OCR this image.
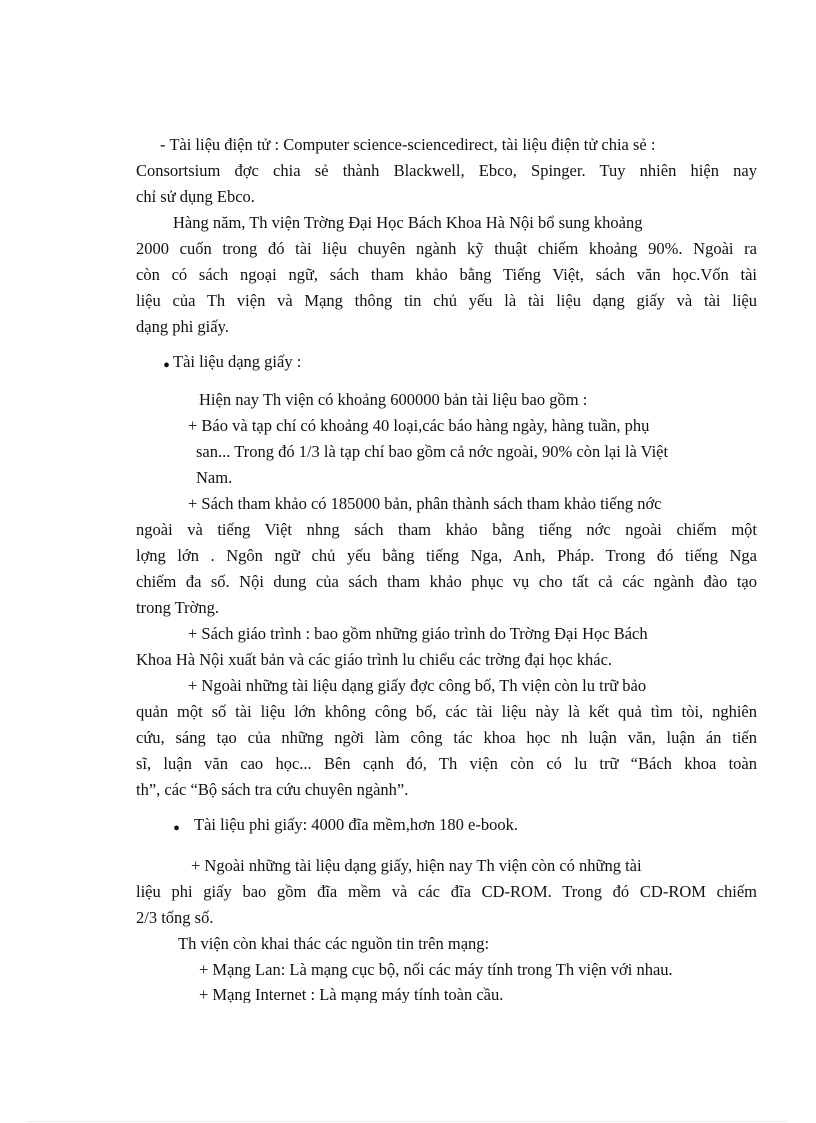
- Tài liệu điện tử : Computer science-sciencedirect, tài liệu điện tử chia sẻ :
Consortsium đợc chia sẻ thành Blackwell, Ebco, Spinger. Tuy nhiên hiện nay
chỉ sử dụng Ebco.
Hàng năm, Th viện Trờng Đại Học Bách Khoa Hà Nội bổ sung khoảng
2000 cuốn trong đó tài liệu chuyên ngành kỹ thuật chiếm khoảng 90%. Ngoài ra
còn có sách ngoại ngữ, sách tham khảo bằng Tiếng Việt, sách văn học.Vốn tài
liệu của Th viện và Mạng thông tin chủ yếu là tài liệu dạng giấy và tài liệu
dạng phi giấy.
• Tài liệu dạng giấy :
Hiện nay Th viện có khoảng 600000 bản tài liệu bao gồm :
+ Báo và tạp chí có khoảng 40 loại,các báo hàng ngày, hàng tuần, phụ
san... Trong đó 1/3 là tạp chí bao gồm cả nớc ngoài, 90% còn lại là Việt
Nam.
+ Sách tham khảo có 185000 bản, phân thành sách tham khảo tiếng nớc
ngoài và tiếng Việt nhng sách tham khảo bằng tiếng nớc ngoài chiếm một
lợng lớn . Ngôn ngữ chủ yếu bằng tiếng Nga, Anh, Pháp. Trong đó tiếng Nga
chiếm đa số. Nội dung của sách tham khảo phục vụ cho tất cả các ngành đào tạo
trong Trờng.
+ Sách giáo trình : bao gồm những giáo trình do Trờng Đại Học Bách
Khoa Hà Nội xuất bản và các giáo trình lu chiểu các trờng đại học khác.
+ Ngoài những tài liệu dạng giấy đợc công bố, Th viện còn lu trữ bảo
quản một số tài liệu lớn không công bố, các tài liệu này là kết quả tìm tòi, nghiên
cứu, sáng tạo của những ngời làm công tác khoa học nh luận văn, luận án tiến
sĩ, luận văn cao học... Bên cạnh đó, Th viện còn có lu trữ “Bách khoa toàn
th”, các “Bộ sách tra cứu chuyên ngành”.
• Tài liệu phi giấy: 4000 đĩa mềm,hơn 180 e-book.
+ Ngoài những tài liệu dạng giấy, hiện nay Th viện còn có những tài
liệu phi giấy bao gồm đĩa mềm và các đĩa CD-ROM. Trong đó CD-ROM chiếm
2/3 tổng số.
Th viện còn khai thác các nguồn tin trên mạng:
+ Mạng Lan: Là mạng cục bộ, nối các máy tính trong Th viện với nhau.
+ Mạng Internet : Là mạng máy tính toàn cầu.
